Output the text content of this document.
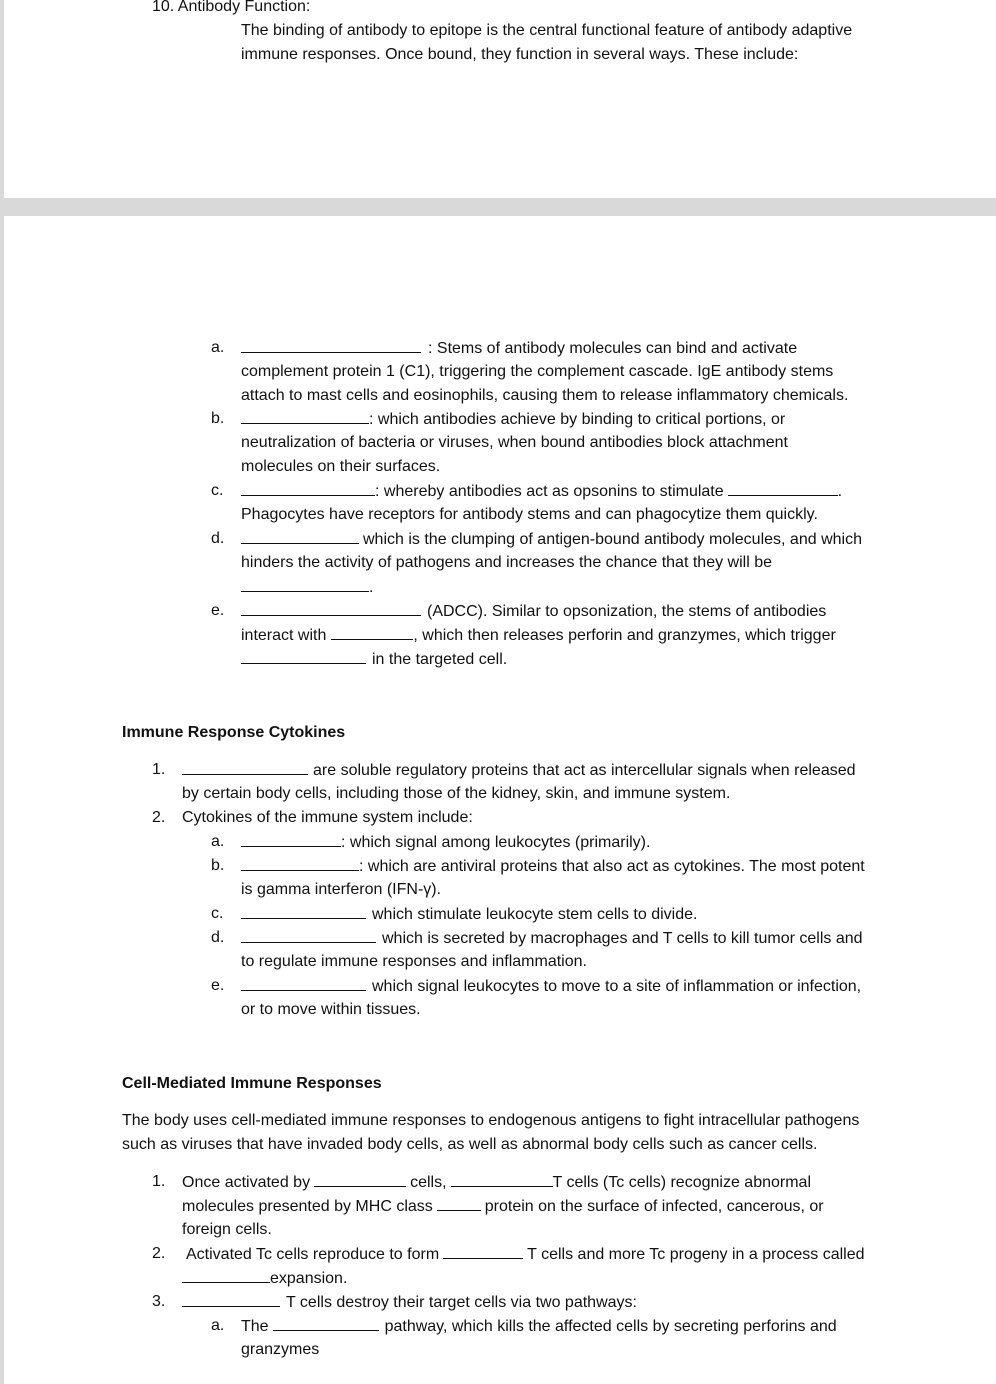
10. Antibody Function:
The binding of antibody to epitope is the central functional feature of antibody adaptive
immune responses. Once bound, they function in several ways. These include:
a.	: Stems of antibody molecules can bind and activate
complement protein 1 (C1), triggering the complement cascade. IgE antibody stems
attach to mast cells and eosinophils, causing them to release inflammatory chemicals.
b.	: which antibodies achieve by binding to critical portions, or
neutralization of bacteria or viruses, when bound antibodies block attachment
molecules on their surfaces.
c.	: whereby antibodies act as opsonins to stimulate	.
Phagocytes have receptors for antibody stems and can phagocytize them quickly.
d.	which is the clumping of antigen-bound antibody molecules, and which
hinders the activity of pathogens and increases the chance that they will be
.
e.	(ADCC). Similar to opsonization, the stems of antibodies
interact with	, which then releases perforin and granzymes, which trigger
in the targeted cell.
Immune Response Cytokines
1.	are soluble regulatory proteins that act as intercellular signals when released
by certain body cells, including those of the kidney, skin, and immune system.
2. Cytokines of the immune system include:
a.	: which signal among leukocytes (primarily).
b.	: which are antiviral proteins that also act as cytokines. The most potent
is gamma interferon (IFN-γ).
c.	which stimulate leukocyte stem cells to divide.
d.	which is secreted by macrophages and T cells to kill tumor cells and
to regulate immune responses and inflammation.
e.	which signal leukocytes to move to a site of inflammation or infection,
or to move within tissues.
Cell-Mediated Immune Responses
The body uses cell-mediated immune responses to endogenous antigens to fight intracellular pathogens
such as viruses that have invaded body cells, as well as abnormal body cells such as cancer cells.
1. Once activated by	cells,	T cells (Tc cells) recognize abnormal
molecules presented by MHC class	protein on the surface of infected, cancerous, or
foreign cells.
2. Activated Tc cells reproduce to form	T cells and more Tc progeny in a process called
expansion.
3.	T cells destroy their target cells via two pathways:
a. The	pathway, which kills the affected cells by secreting perforins and
granzymes
